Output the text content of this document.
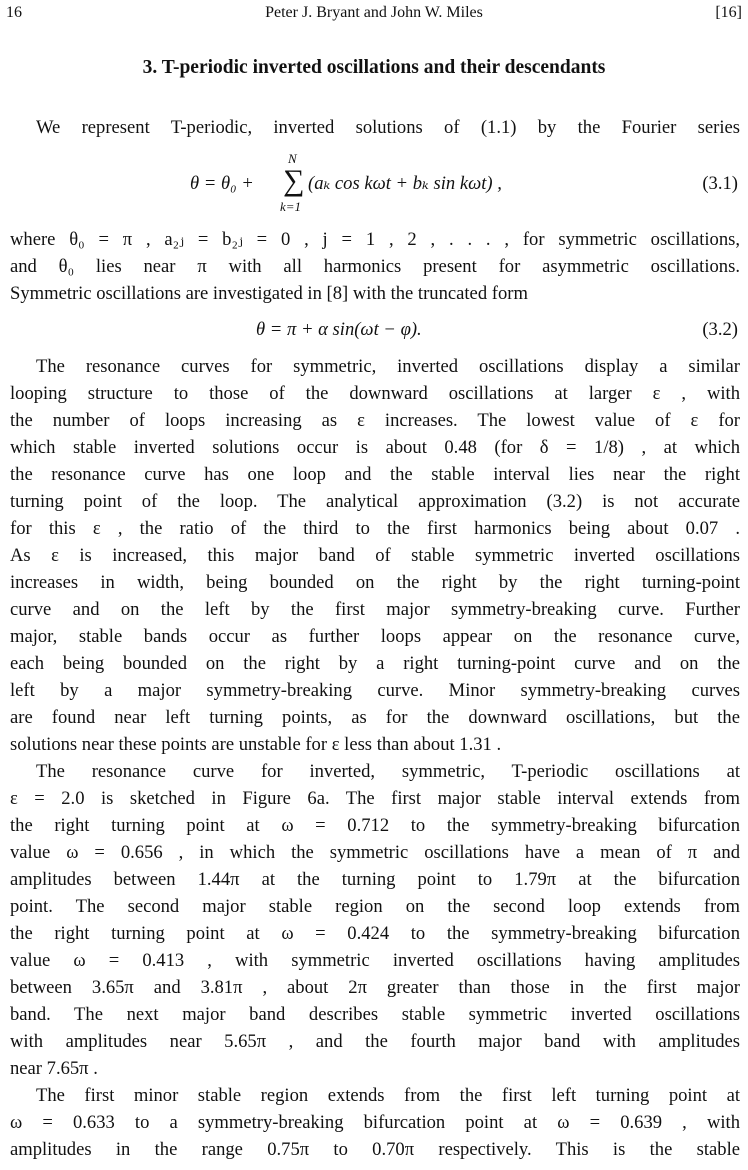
16	Peter J. Bryant and John W. Miles	[16]
3. T-periodic inverted oscillations and their descendants
We represent T-periodic, inverted solutions of (1.1) by the Fourier series
N
θ = θ₀ + ∑ (aₖ cos kωt + bₖ sin kωt) ,
k=1
(3.1)
where θ₀ = π , a₂ⱼ = b₂ⱼ = 0 , j = 1 , 2 , . . . , for symmetric oscillations,
and θ₀ lies near π with all harmonics present for asymmetric oscillations.
Symmetric oscillations are investigated in [8] with the truncated form
θ = π + α sin(ωt − φ).	(3.2)
The resonance curves for symmetric, inverted oscillations display a similar
looping structure to those of the downward oscillations at larger ε , with
the number of loops increasing as ε increases. The lowest value of ε for
which stable inverted solutions occur is about 0.48 (for δ = 1/8) , at which
the resonance curve has one loop and the stable interval lies near the right
turning point of the loop. The analytical approximation (3.2) is not accurate
for this ε , the ratio of the third to the first harmonics being about 0.07 .
As ε is increased, this major band of stable symmetric inverted oscillations
increases in width, being bounded on the right by the right turning-point
curve and on the left by the first major symmetry-breaking curve. Further
major, stable bands occur as further loops appear on the resonance curve,
each being bounded on the right by a right turning-point curve and on the
left by a major symmetry-breaking curve. Minor symmetry-breaking curves
are found near left turning points, as for the downward oscillations, but the
solutions near these points are unstable for ε less than about 1.31 .
The resonance curve for inverted, symmetric, T-periodic oscillations at
ε = 2.0 is sketched in Figure 6a. The first major stable interval extends from
the right turning point at ω = 0.712 to the symmetry-breaking bifurcation
value ω = 0.656 , in which the symmetric oscillations have a mean of π and
amplitudes between 1.44π at the turning point to 1.79π at the bifurcation
point. The second major stable region on the second loop extends from
the right turning point at ω = 0.424 to the symmetry-breaking bifurcation
value ω = 0.413 , with symmetric inverted oscillations having amplitudes
between 3.65π and 3.81π , about 2π greater than those in the first major
band. The next major band describes stable symmetric inverted oscillations
with amplitudes near 5.65π , and the fourth major band with amplitudes
near 7.65π .
The first minor stable region extends from the first left turning point at
ω = 0.633 to a symmetry-breaking bifurcation point at ω = 0.639 , with
amplitudes in the range 0.75π to 0.70π respectively. This is the stable
